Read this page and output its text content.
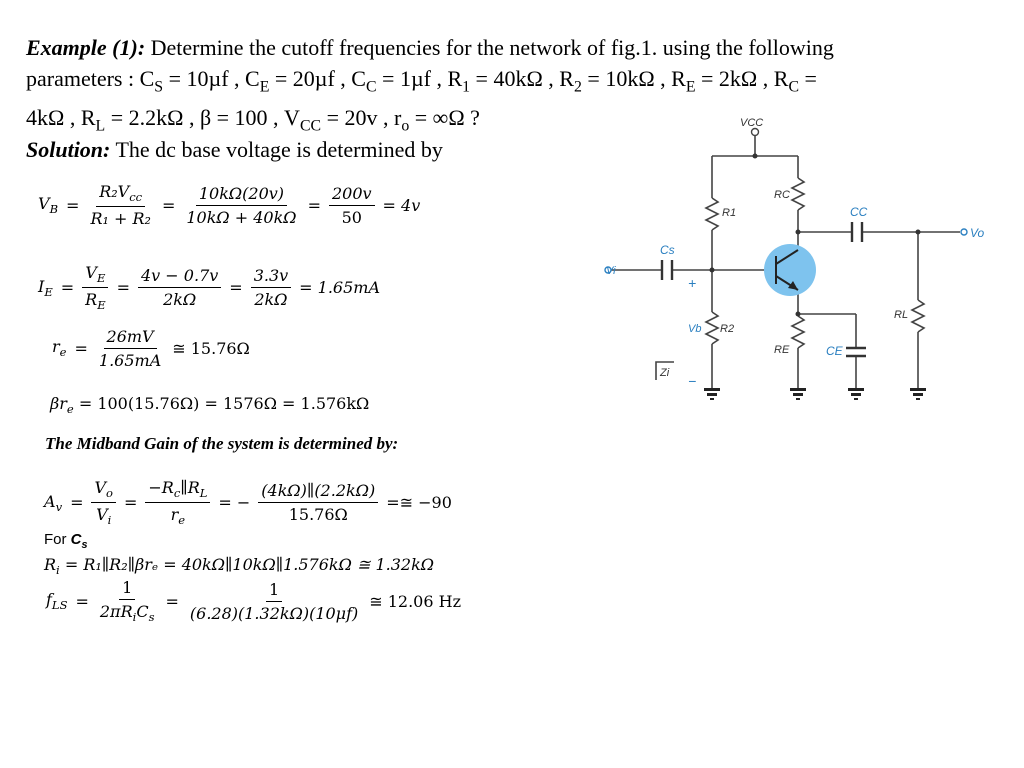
Example (1): Determine the cutoff frequencies for the network of fig.1. using the following
parameters : $C_S = 10\mu f$ , $C_E = 20\mu f$ , $C_C = 1\mu f$ , $R_1 = 40k\Omega$ , $R_2 = 10k\Omega$ , $R_E = 2k\Omega$ , $R_C$ =
4kΩ , $R_L = 2.2k\Omega$ , β = 100 , $V_{CC} = 20v$ , $r_o = \infty\Omega$ ?
Solution: The dc base voltage is determined by
$V_B = \frac{R_2V_{cc}}{\text{R₁ + R₂}} = \frac{10k\Omega(20v)}{10k\Omega + 40k\Omega} = \frac{200v}{50} = 4v$
$I_E = \frac{V_E}{R_E} = \frac{4v - 0.7v}{2k\Omega} = \frac{3.3v}{2k\Omega} = 1.65mA$
$r_e = \frac{26mV}{1.65mA}$ ≅ 15.76Ω
$\beta r_e = 100(15.76\Omega) = 1576\Omega = 1.576k\Omega$
The Midband Gain of the system is determined by:
$A_v = \frac{V_o}{V_i} = \frac{-R_c\parallel R_L}{r_e}$ = − $\frac{(4k\Omega)\parallel(2.2k\Omega)}{15.76\Omega}$ =≅ −90
For $C_s$
$R_i$ = R₁∥R₂∥βrₑ = 40kΩ∥10kΩ∥1.576kΩ ≅ 1.32kΩ
$f_{LS} = \frac{1}{2\pi R_iC_s} = \frac{1}{(6.28)(1.32k\Omega)(10\mu f)}$ ≅ 12.06 Hz
VCC
RC
R1
R2
RE
RL
Vb
Zi
CC
Cs
CE
Vo
Vi
+
−
